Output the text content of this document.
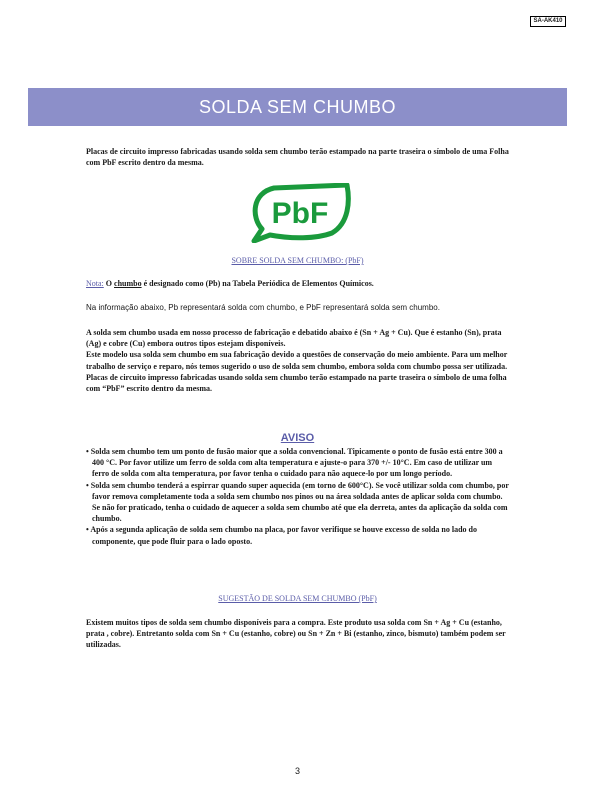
SA-AK410
SOLDA SEM CHUMBO

Placas de circuito impresso fabricadas usando solda sem chumbo terão estampado na parte traseira o símbolo de uma Folha com PbF escrito dentro da mesma.

PbF
SOBRE SOLDA SEM CHUMBO: (PbF)

Nota: O chumbo é designado como (Pb) na Tabela Periódica de Elementos Químicos.

Na informação abaixo, Pb representará solda com chumbo, e PbF representará solda sem chumbo.

A solda sem chumbo usada em nosso processo de fabricação e debatido abaixo é (Sn + Ag + Cu). Que é estanho (Sn), prata (Ag) e cobre (Cu) embora outros tipos estejam disponíveis.
Este modelo usa solda sem chumbo em sua fabricação devido a questões de conservação do meio ambiente. Para um melhor trabalho de serviço e reparo, nós temos sugerido o uso de solda sem chumbo, embora solda com chumbo possa ser utilizada.
Placas de circuito impresso fabricadas usando solda sem chumbo terão estampado na parte traseira o símbolo de uma folha com “PbF” escrito dentro da mesma.
AVISO
• Solda sem chumbo tem um ponto de fusão maior que a solda convencional. Tipicamente o ponto de fusão está entre 300 a 400 °C. Por favor utilize um ferro de solda com alta temperatura e ajuste-o para 370 +/- 10°C. Em caso de utilizar um ferro de solda com alta temperatura, por favor tenha o cuidado para não aquece-lo por um longo período.
• Solda sem chumbo tenderá a espirrar quando super aquecida (em torno de 600°C). Se você utilizar solda com chumbo, por favor remova completamente toda a solda sem chumbo nos pinos ou na área soldada antes de aplicar solda com chumbo. Se não for praticado, tenha o cuidado de aquecer a solda sem chumbo até que ela derreta, antes da aplicação da solda com chumbo.
• Após a segunda aplicação de solda sem chumbo na placa, por favor verifique se houve excesso de solda no lado do componente, que pode fluir para o lado oposto.
SUGESTÃO DE SOLDA SEM CHUMBO (PbF)

Existem muitos tipos de solda sem chumbo disponíveis para a compra. Este produto usa solda com Sn + Ag + Cu (estanho, prata , cobre). Entretanto solda com Sn + Cu (estanho, cobre) ou Sn + Zn + Bi (estanho, zinco, bismuto) também podem ser utilizadas.

3
